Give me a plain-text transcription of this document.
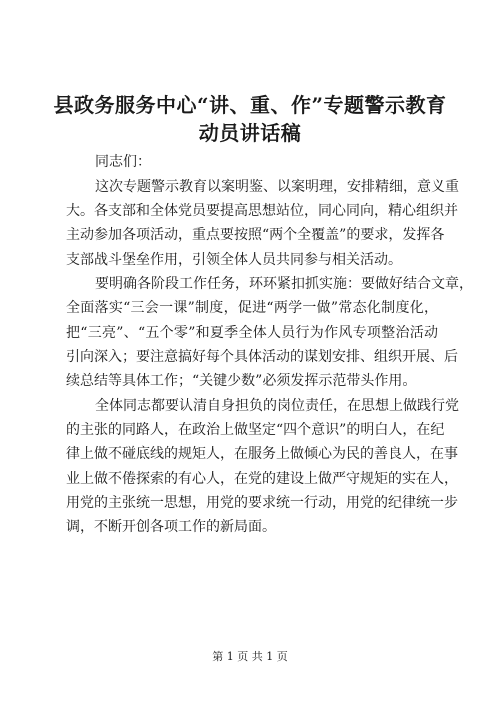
县政务服务中心“讲、重、作”专题警示教育
动员讲话稿

同志们：

这次专题警示教育以案明鉴、以案明理，安排精细，意义重

大。各支部和全体党员要提高思想站位，同心同向，精心组织并

主动参加各项活动，重点要按照“两个全覆盖”的要求，发挥各

支部战斗堡垒作用，引领全体人员共同参与相关活动。

要明确各阶段工作任务，环环紧扣抓实施：要做好结合文章，

全面落实“三会一课”制度，促进“两学一做”常态化制度化，

把“三亮”、“五个零”和夏季全体人员行为作风专项整治活动

引向深入；要注意搞好每个具体活动的谋划安排、组织开展、后

续总结等具体工作；“关键少数”必须发挥示范带头作用。

全体同志都要认清自身担负的岗位责任，在思想上做践行党

的主张的同路人，在政治上做坚定“四个意识”的明白人，在纪

律上做不碰底线的规矩人，在服务上做倾心为民的善良人，在事

业上做不倦探索的有心人，在党的建设上做严守规矩的实在人，

用党的主张统一思想，用党的要求统一行动，用党的纪律统一步

调，不断开创各项工作的新局面。

第 1 页 共 1 页
